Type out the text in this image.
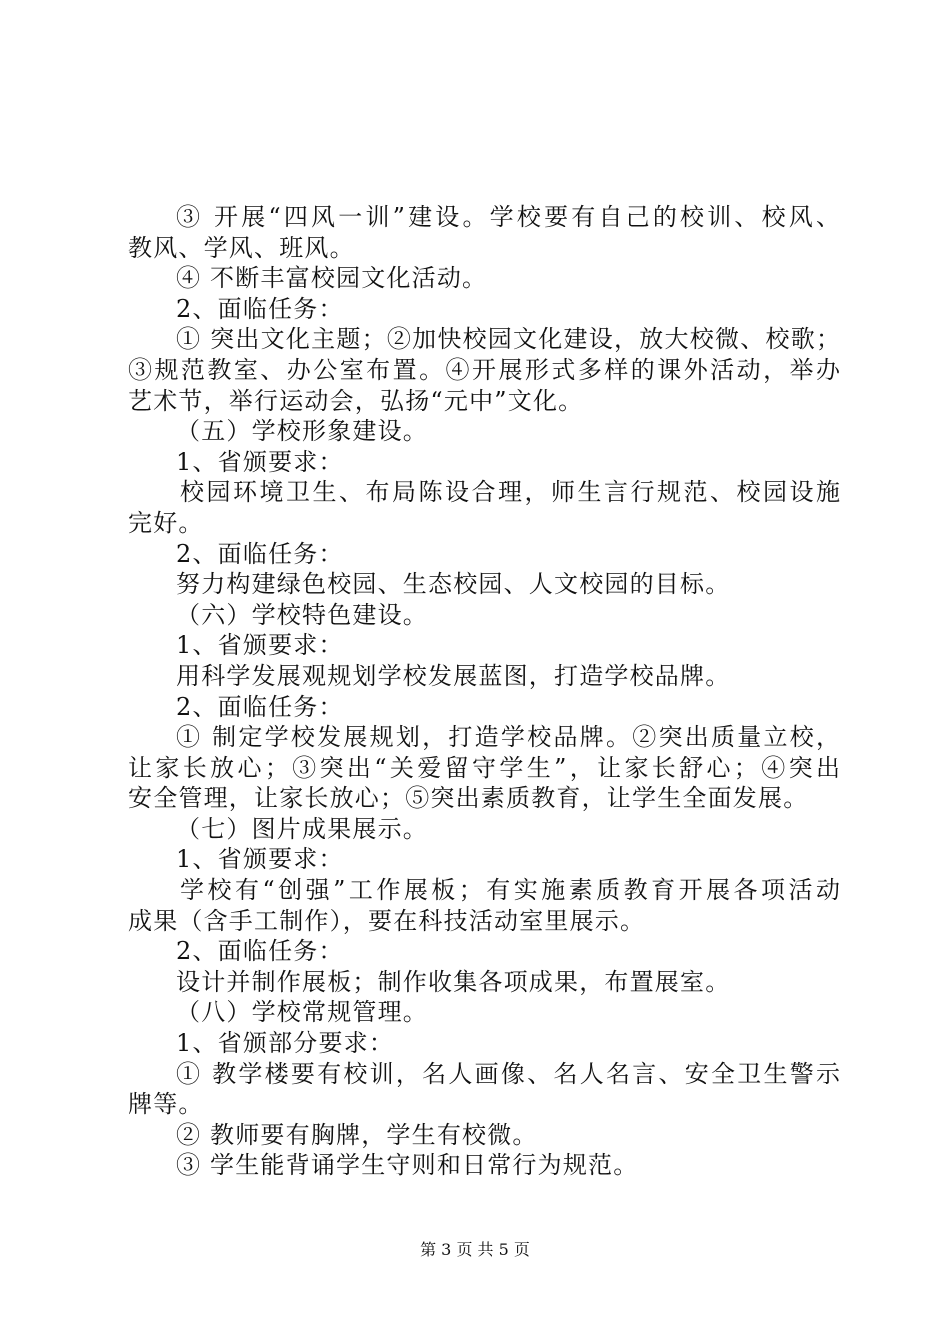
③ 开展“四风一训”建设。学校要有自己的校训、校风、
教风、学风、班风。
④ 不断丰富校园文化活动。
2、面临任务：
① 突出文化主题；②加快校园文化建设，放大校微、校歌；
③规范教室、办公室布置。④开展形式多样的课外活动，举办
艺术节，举行运动会，弘扬“元中”文化。
（五）学校形象建设。
1、省颁要求：
校园环境卫生、布局陈设合理，师生言行规范、校园设施
完好。
2、面临任务：
努力构建绿色校园、生态校园、人文校园的目标。
（六）学校特色建设。
1、省颁要求：
用科学发展观规划学校发展蓝图，打造学校品牌。
2、面临任务：
① 制定学校发展规划，打造学校品牌。②突出质量立校，
让家长放心；③突出“关爱留守学生”，让家长舒心；④突出
安全管理，让家长放心；⑤突出素质教育，让学生全面发展。
（七）图片成果展示。
1、省颁要求：
学校有“创强”工作展板；有实施素质教育开展各项活动
成果（含手工制作），要在科技活动室里展示。
2、面临任务：
设计并制作展板；制作收集各项成果，布置展室。
（八）学校常规管理。
1、省颁部分要求：
① 教学楼要有校训，名人画像、名人名言、安全卫生警示
牌等。
② 教师要有胸牌，学生有校微。
③ 学生能背诵学生守则和日常行为规范。
第 3 页 共 5 页
